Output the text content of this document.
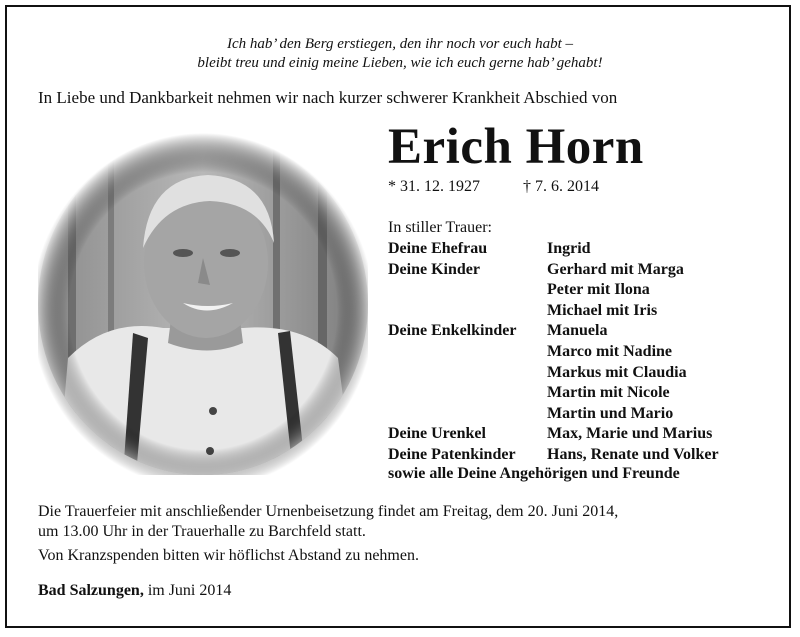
Ich hab’ den Berg erstiegen, den ihr noch vor euch habt –
bleibt treu und einig meine Lieben, wie ich euch gerne hab’ gehabt!
In Liebe und Dankbarkeit nehmen wir nach kurzer schwerer Krankheit Abschied von
Erich Horn
* 31. 12. 1927	† 7. 6. 2014
In stiller Trauer:
Deine Ehefrau	Ingrid
Deine Kinder	Gerhard mit Marga
Peter mit Ilona
Michael mit Iris
Deine Enkelkinder Manuela
Marco mit Nadine
Markus mit Claudia
Martin mit Nicole
Martin und Mario
Deine Urenkel	Max, Marie und Marius
Deine Patenkinder Hans, Renate und Volker
sowie alle Deine Angehörigen und Freunde
Die Trauerfeier mit anschließender Urnenbeisetzung findet am Freitag, dem 20. Juni 2014,
um 13.00 Uhr in der Trauerhalle zu Barchfeld statt.
Von Kranzspenden bitten wir höflichst Abstand zu nehmen.
Bad Salzungen, im Juni 2014
